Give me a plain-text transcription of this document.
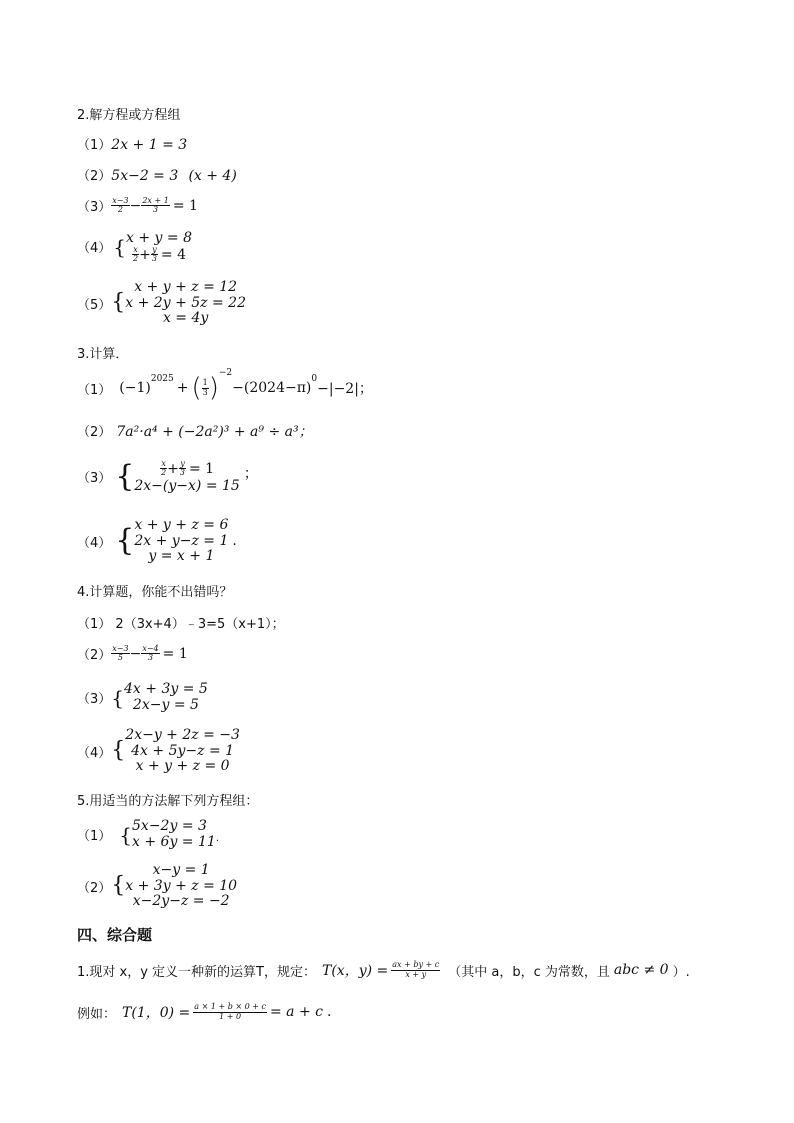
2.解方程或方程组
（1）2x + 1 = 3
（2）5x−2 = 3 (x + 4)
$(3) \frac{x-3}{2} - \frac{2x + 1}{3} = 1$
（4） { x + y = 8
$\frac{x}{2} + \frac{y}{3} = 4$
（5） {
x + y + z = 12
x + 2y + 5z = 22
x = 4y
3.计算．
（1） (−1)
2025
+ ( $\frac{1}{3}$ ) −2
−(2024−π)
0
−|−2|；
（2） 7a²·a⁴ + (−2a²)³ + a⁹ ÷ a³；
（3） {	$\frac{x}{2} + \frac{y}{3} = 1$
2x−(y−x) = 15
；
（4） { x + y + z = 6
2x + y−z = 1
y = x + 1
.
4.计算题，你能不出错吗？
（1） 2（3x+4）﹣3=5（x+1）；
$(2) \frac{x-3}{5} - \frac{x-4}{3} = 1$
（3） { 4x + 3y = 5
2x−y = 5
（4） {
2x−y + 2z = −3
4x + 5y−z = 1
x + y + z = 0
5.用适当的方法解下列方程组：
（1） { 5x−2y = 3
x + 6y = 11 .
（2） {
x−y = 1
x + 3y + z = 10
x−2y−z = −2
四、综合题
1.现对 x，y 定义一种新的运算T，规定： T(x，$y) = \frac{ax + by + c}{x + y}$ （其中 a，b，c 为常数，且 abc ≠ 0 ）.
例如： T(1，$0) = \frac{a \times 1 + b \times 0 + c}{1 + 0} = a + c$ .
